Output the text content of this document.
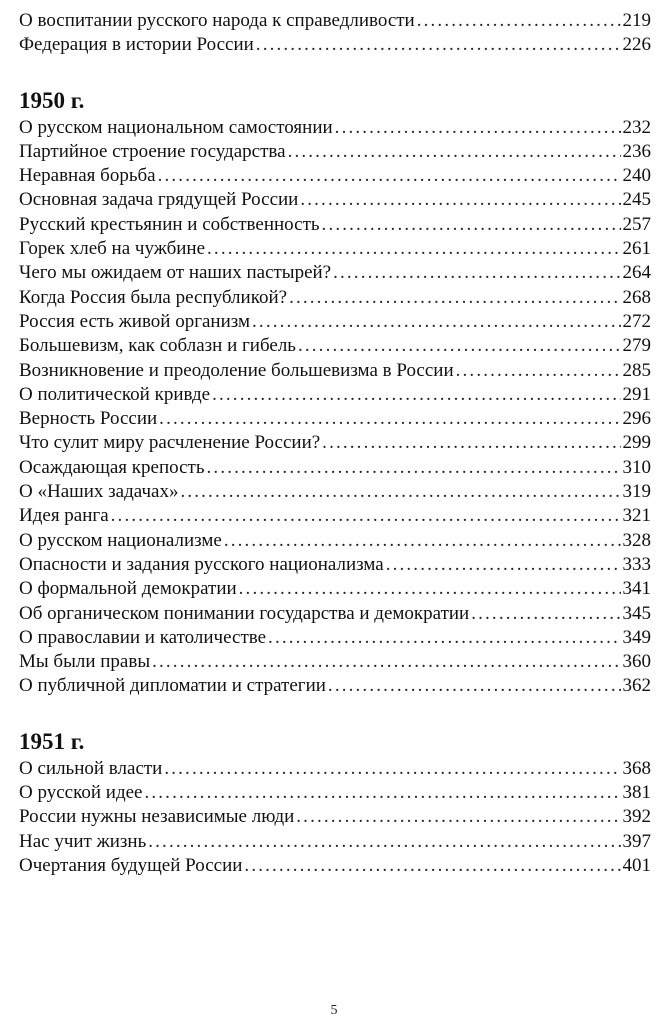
О воспитании русского народа к справедливости . . .	219
Федерация в истории России . . .	226
1950 г.
О русском национальном самостоянии . . .	232
Партийное строение государства . . .	236
Неравная борьба . . .	240
Основная задача грядущей России . . .	245
Русский крестьянин и собственность . . .	257
Горек хлеб на чужбине . . .	261
Чего мы ожидаем от наших пастырей? . . .	264
Когда Россия была республикой? . . .	268
Россия есть живой организм . . .	272
Большевизм, как соблазн и гибель . . .	279
Возникновение и преодоление большевизма в России . . .	285
О политической кривде . . .	291
Верность России . . .	296
Что сулит миру расчленение России? . . .	299
Осаждающая крепость . . .	310
О «Наших задачах» . . .	319
Идея ранга . . .	321
О русском национализме . . .	328
Опасности и задания русского национализма . . .	333
О формальной демократии . . .	341
Об органическом понимании государства и демократии . . .	345
О православии и католичестве . . .	349
Мы были правы . . .	360
О публичной дипломатии и стратегии . . .	362
1951 г.
О сильной власти . . .	368
О русской идее . . .	381
России нужны независимые люди . . .	392
Нас учит жизнь . . .	397
Очертания будущей России . . .	401
5
